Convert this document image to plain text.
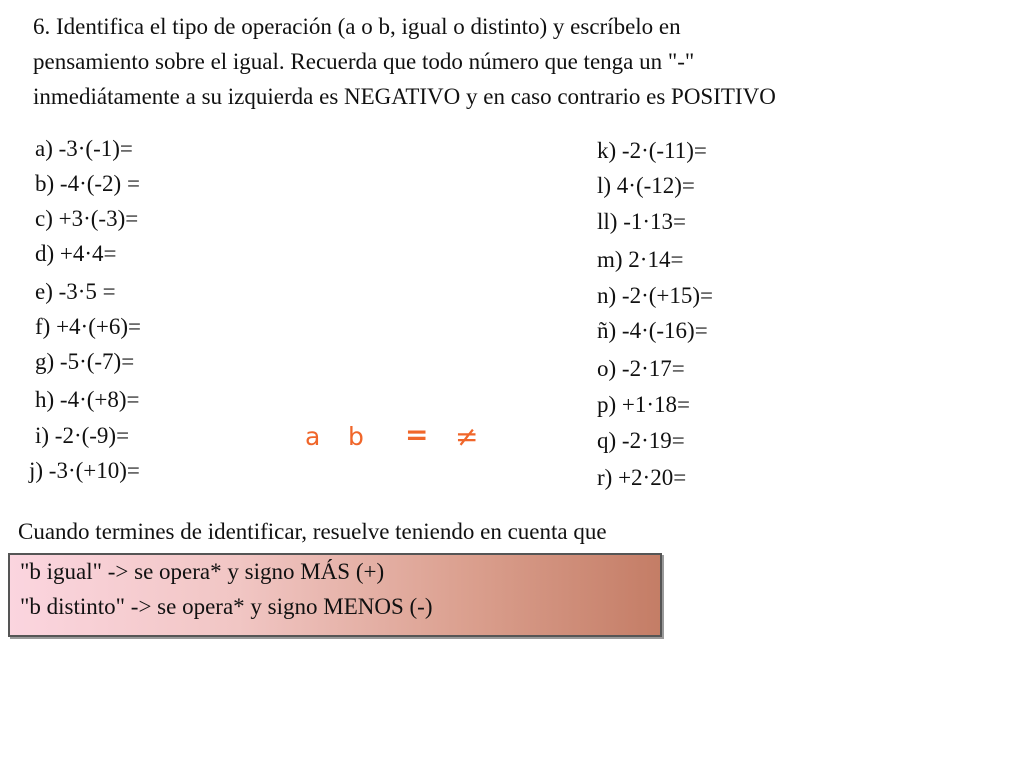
6. Identifica el tipo de operación (a o b, igual o distinto) y escríbelo en
pensamiento sobre el igual. Recuerda que todo número que tenga un "-"
inmediátamente a su izquierda es NEGATIVO y en caso contrario es POSITIVO
a) -3·(-1)=
b) -4·(-2) =
c) +3·(-3)=
d) +4·4=
e) -3·5 =
f) +4·(+6)=
g) -5·(-7)=
h) -4·(+8)=
i) -2·(-9)=
j) -3·(+10)=
k) -2·(-11)=
l) 4·(-12)=
ll) -1·13=
m) 2·14=
n) -2·(+15)=
ñ) -4·(-16)=
o) -2·17=
p) +1·18=
q) -2·19=
r) +2·20=
a b = ≠
Cuando termines de identificar, resuelve teniendo en cuenta que
"b igual" -> se opera* y signo MÁS (+)
"b distinto" -> se opera* y signo MENOS (-)
